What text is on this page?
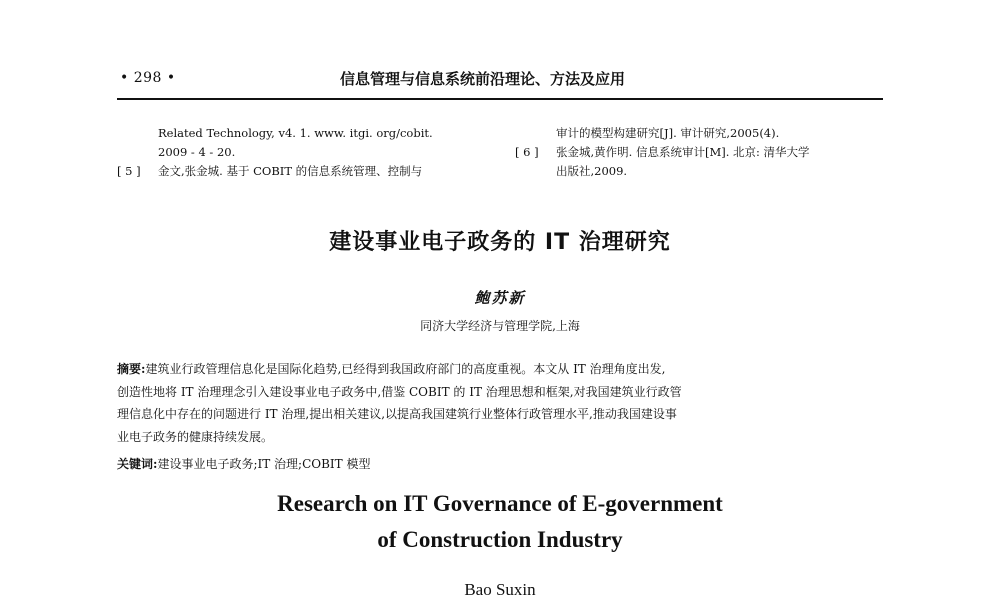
• 298 •	信息管理与信息系统前沿理论、方法及应用
Related Technology, v4. 1. www. itgi. org/cobit.
2009 - 4 - 20.
[ 5 ] 金文,张金城. 基于 COBIT 的信息系统管理、控制与
审计的模型构建研究[J]. 审计研究,2005(4).
[ 6 ] 张金城,黄作明. 信息系统审计[M]. 北京: 清华大学
出版社,2009.
建设事业电子政务的 IT 治理研究
鲍苏新
同济大学经济与管理学院,上海
摘要:建筑业行政管理信息化是国际化趋势,已经得到我国政府部门的高度重视。本文从 IT 治理角度出发,
创造性地将 IT 治理理念引入建设事业电子政务中,借鉴 COBIT 的 IT 治理思想和框架,对我国建筑业行政管
理信息化中存在的问题进行 IT 治理,提出相关建议,以提高我国建筑行业整体行政管理水平,推动我国建设事
业电子政务的健康持续发展。
关键词:建设事业电子政务;IT 治理;COBIT 模型
Research on IT Governance of E-government
of Construction Industry
Bao Suxin
